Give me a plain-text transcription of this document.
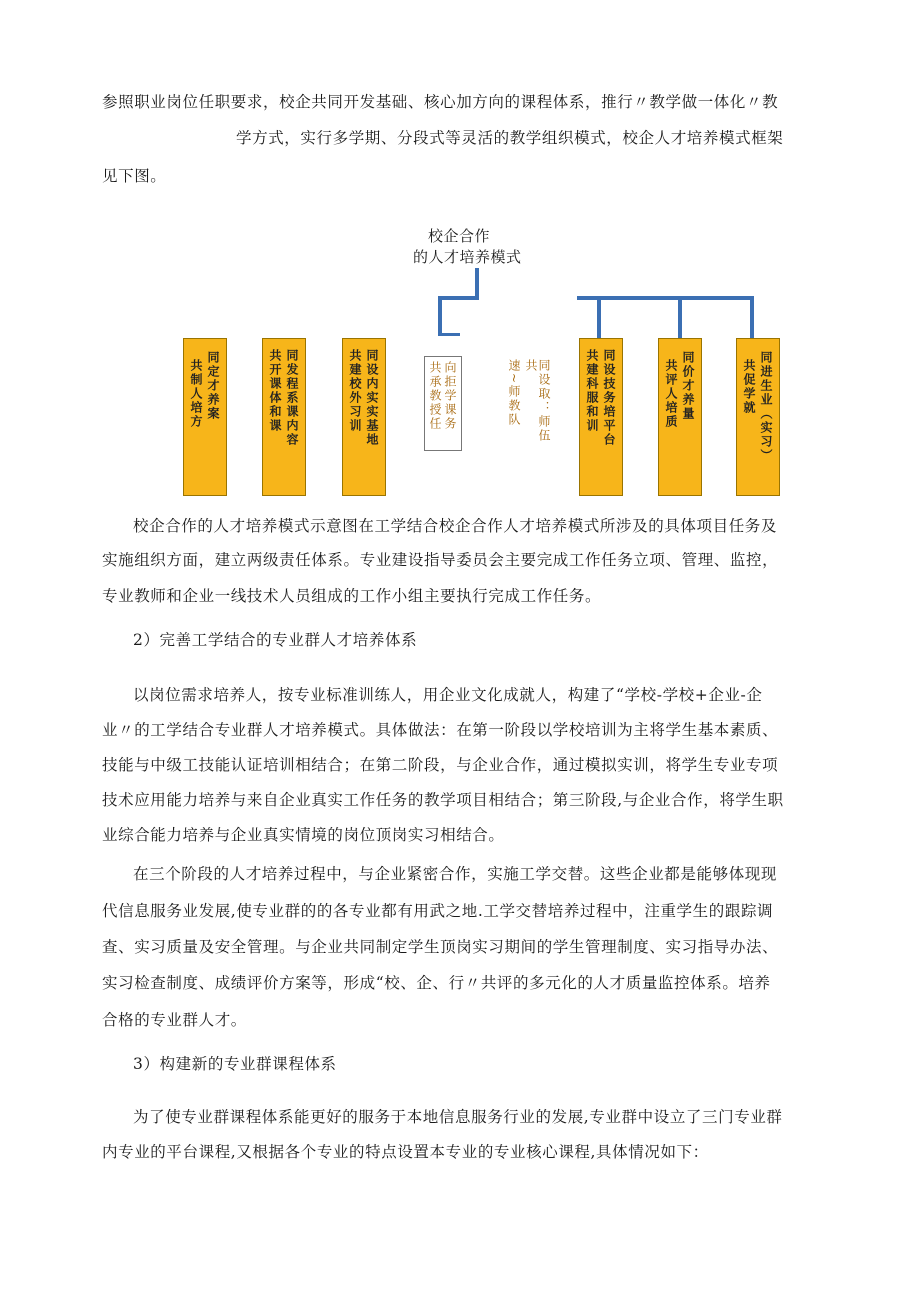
参照职业岗位任职要求，校企共同开发基础、核心加方向的课程体系，推行〃教学做一体化〃教
学方式，实行多学期、分段式等灵活的教学组织模式，校企人才培养模式框架
见下图。
校企合作
的人才培养模式
共制人培方 同定才养案	共开课体和课 同发程系课内容	共建校外习训 同设内实实基地	共承教授任 向拒学课务	速~师教队	同设取：师伍共	共建科服和训 同设技务培平台	共评人培质 同价才养量	共促学就 同进生业（实习）
校企合作的人才培养模式示意图在工学结合校企合作人才培养模式所涉及的具体项目任务及
实施组织方面，建立两级责任体系。专业建设指导委员会主要完成工作任务立项、管理、监控，
专业教师和企业一线技术人员组成的工作小组主要执行完成工作任务。
2）完善工学结合的专业群人才培养体系
以岗位需求培养人，按专业标准训练人，用企业文化成就人，构建了“学校-学校+企业-企
业〃的工学结合专业群人才培养模式。具体做法：在第一阶段以学校培训为主将学生基本素质、
技能与中级工技能认证培训相结合；在第二阶段，与企业合作，通过模拟实训，将学生专业专项
技术应用能力培养与来自企业真实工作任务的教学项目相结合；第三阶段,与企业合作，将学生职
业综合能力培养与企业真实情境的岗位顶岗实习相结合。
在三个阶段的人才培养过程中，与企业紧密合作，实施工学交替。这些企业都是能够体现现
代信息服务业发展,使专业群的的各专业都有用武之地.工学交替培养过程中，注重学生的跟踪调
查、实习质量及安全管理。与企业共同制定学生顶岗实习期间的学生管理制度、实习指导办法、
实习检查制度、成绩评价方案等，形成“校、企、行〃共评的多元化的人才质量监控体系。培养
合格的专业群人才。
3）构建新的专业群课程体系
为了使专业群课程体系能更好的服务于本地信息服务行业的发展,专业群中设立了三门专业群
内专业的平台课程,又根据各个专业的特点设置本专业的专业核心课程,具体情况如下：
